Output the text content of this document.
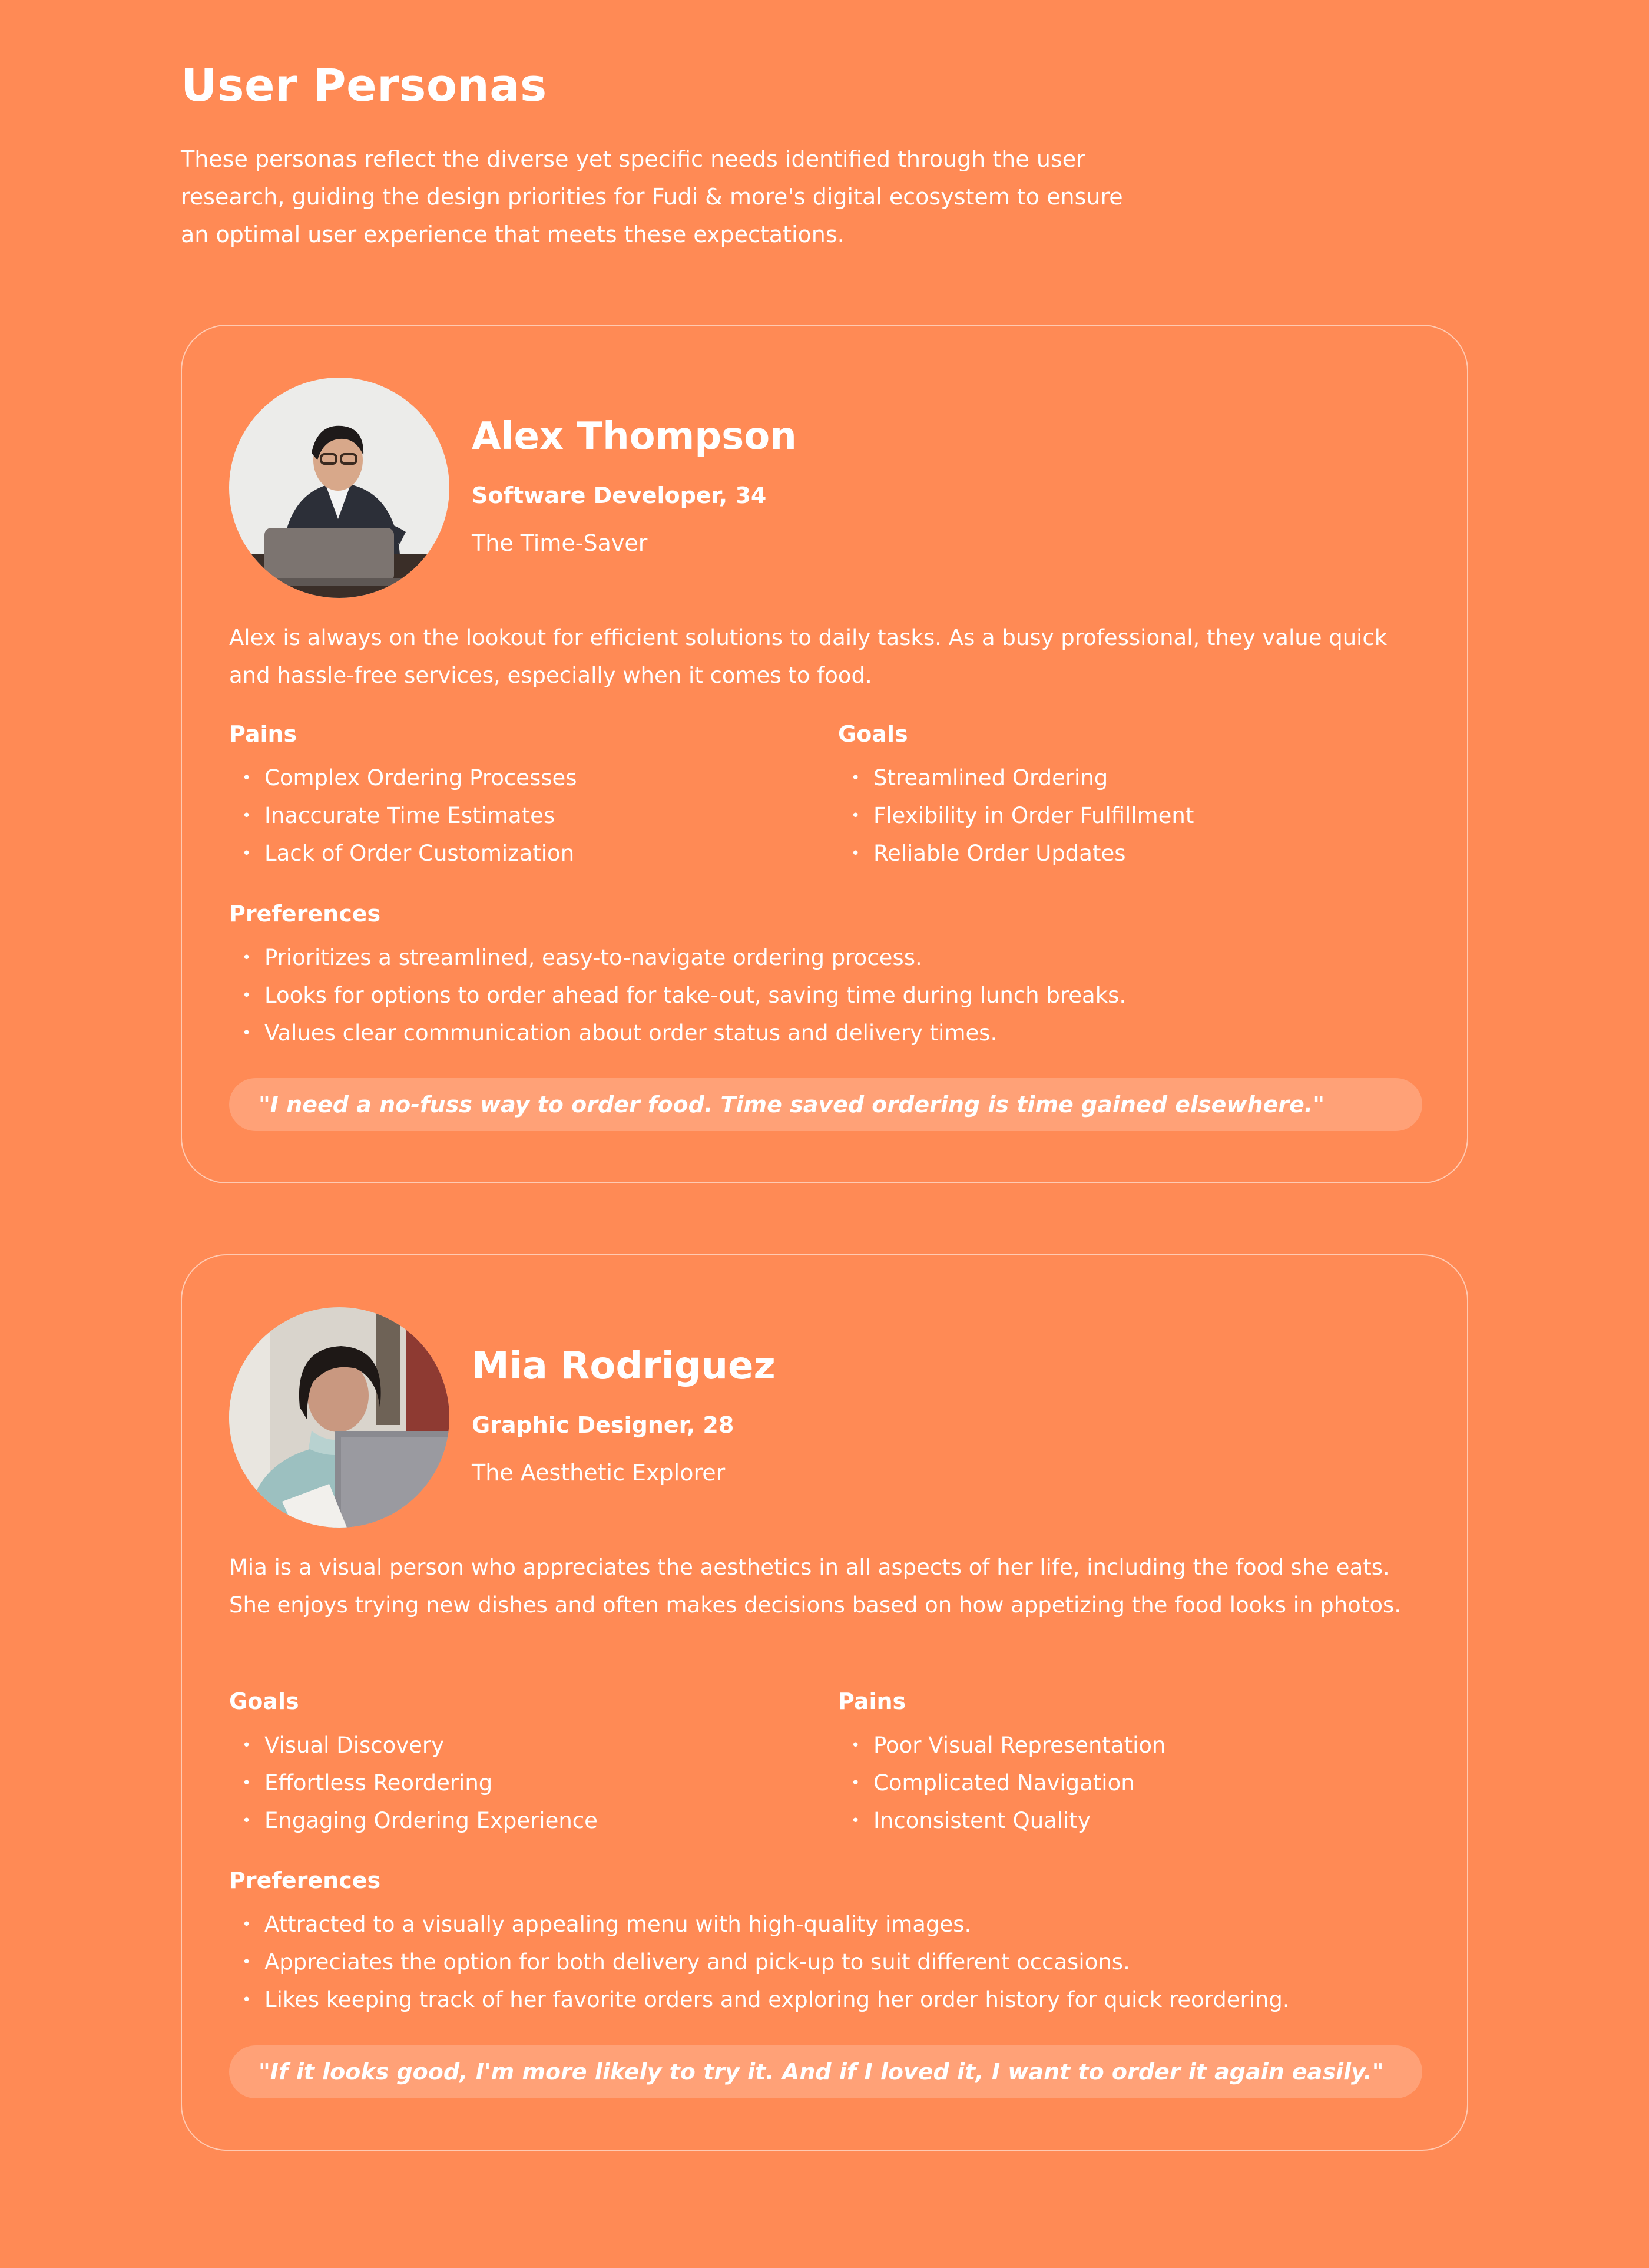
User Personas

These personas reflect the diverse yet specific needs identified through the user research, guiding the design priorities for Fudi & more's digital ecosystem to ensure an optimal user experience that meets these expectations.

Alex Thompson
Software Developer, 34
The Time-Saver

Alex is always on the lookout for efficient solutions to daily tasks. As a busy professional, they value quick and hassle-free services, especially when it comes to food.

Pains
• Complex Ordering Processes
• Inaccurate Time Estimates
• Lack of Order Customization
Goals
• Streamlined Ordering
• Flexibility in Order Fulfillment
• Reliable Order Updates
Preferences
• Prioritizes a streamlined, easy-to-navigate ordering process.
• Looks for options to order ahead for take-out, saving time during lunch breaks.
• Values clear communication about order status and delivery times.
"I need a no-fuss way to order food. Time saved ordering is time gained elsewhere."
Mia Rodriguez
Graphic Designer, 28
The Aesthetic Explorer

Mia is a visual person who appreciates the aesthetics in all aspects of her life, including the food she eats. She enjoys trying new dishes and often makes decisions based on how appetizing the food looks in photos.

Goals
• Visual Discovery
• Effortless Reordering
• Engaging Ordering Experience
Pains
• Poor Visual Representation
• Complicated Navigation
• Inconsistent Quality
Preferences
• Attracted to a visually appealing menu with high-quality images.
• Appreciates the option for both delivery and pick-up to suit different occasions.
• Likes keeping track of her favorite orders and exploring her order history for quick reordering.
"If it looks good, I'm more likely to try it. And if I loved it, I want to order it again easily."
